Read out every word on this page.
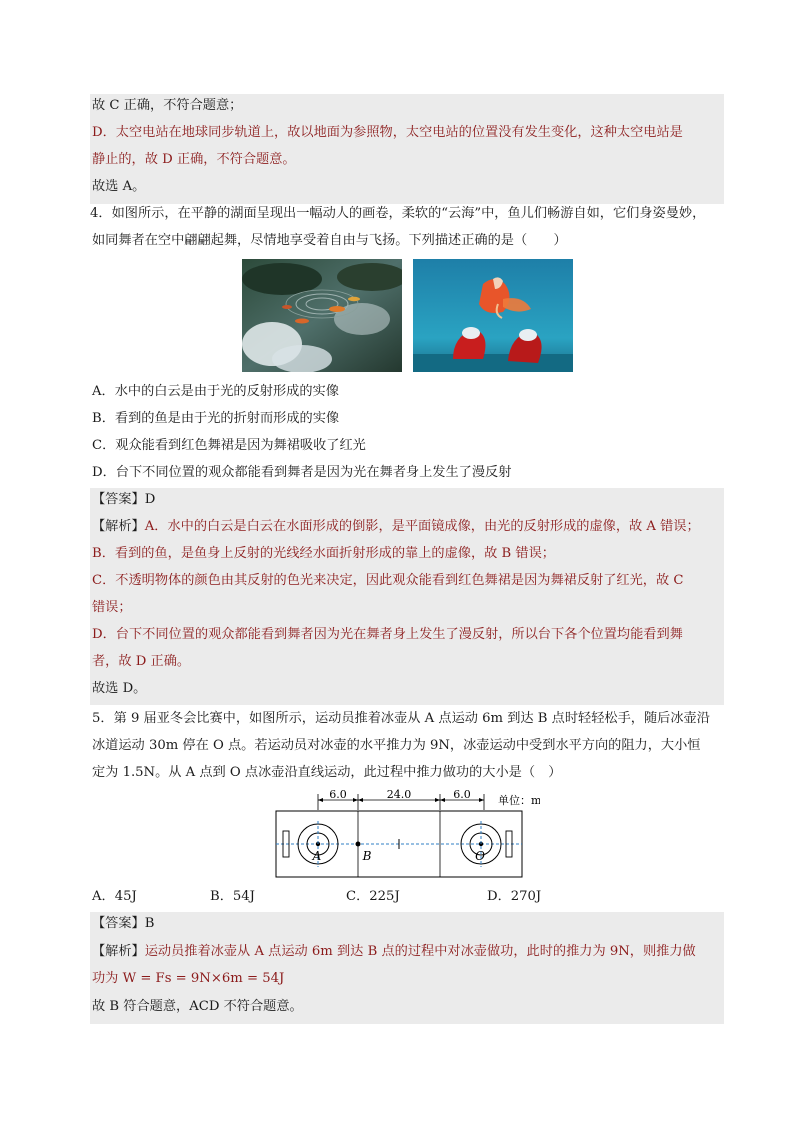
故 C 正确，不符合题意；
D．太空电站在地球同步轨道上，故以地面为参照物，太空电站的位置没有发生变化，这种太空电站是
静止的，故 D 正确，不符合题意。
故选 A。
4．如图所示，在平静的湖面呈现出一幅动人的画卷，柔软的“云海”中，鱼儿们畅游自如，它们身姿曼妙，
如同舞者在空中翩翩起舞，尽情地享受着自由与飞扬。下列描述正确的是（　　）
A．水中的白云是由于光的反射形成的实像
B．看到的鱼是由于光的折射而形成的实像
C．观众能看到红色舞裙是因为舞裙吸收了红光
D．台下不同位置的观众都能看到舞者是因为光在舞者身上发生了漫反射
【答案】D
【解析】A．水中的白云是白云在水面形成的倒影，是平面镜成像，由光的反射形成的虚像，故 A 错误；
B．看到的鱼，是鱼身上反射的光线经水面折射形成的靠上的虚像，故 B 错误；
C．不透明物体的颜色由其反射的色光来决定，因此观众能看到红色舞裙是因为舞裙反射了红光，故 C
错误；
D．台下不同位置的观众都能看到舞者因为光在舞者身上发生了漫反射，所以台下各个位置均能看到舞
者，故 D 正确。
故选 D。
5．第 9 届亚冬会比赛中，如图所示，运动员推着冰壶从 A 点运动 6m 到达 B 点时轻轻松手，随后冰壶沿
冰道运动 30m 停在 O 点。若运动员对冰壶的水平推力为 9N，冰壶运动中受到水平方向的阻力，大小恒
定为 1.5N。从 A 点到 O 点冰壶沿直线运动，此过程中推力做功的大小是（　）
6.0	24.0	6.0 单位：m
A	B	O
A．45J	B．54J	C．225J	D．270J
【答案】B
【解析】运动员推着冰壶从 A 点运动 6m 到达 B 点的过程中对冰壶做功，此时的推力为 9N，则推力做
功为 W = Fs = 9N×6m = 54J
故 B 符合题意，ACD 不符合题意。
